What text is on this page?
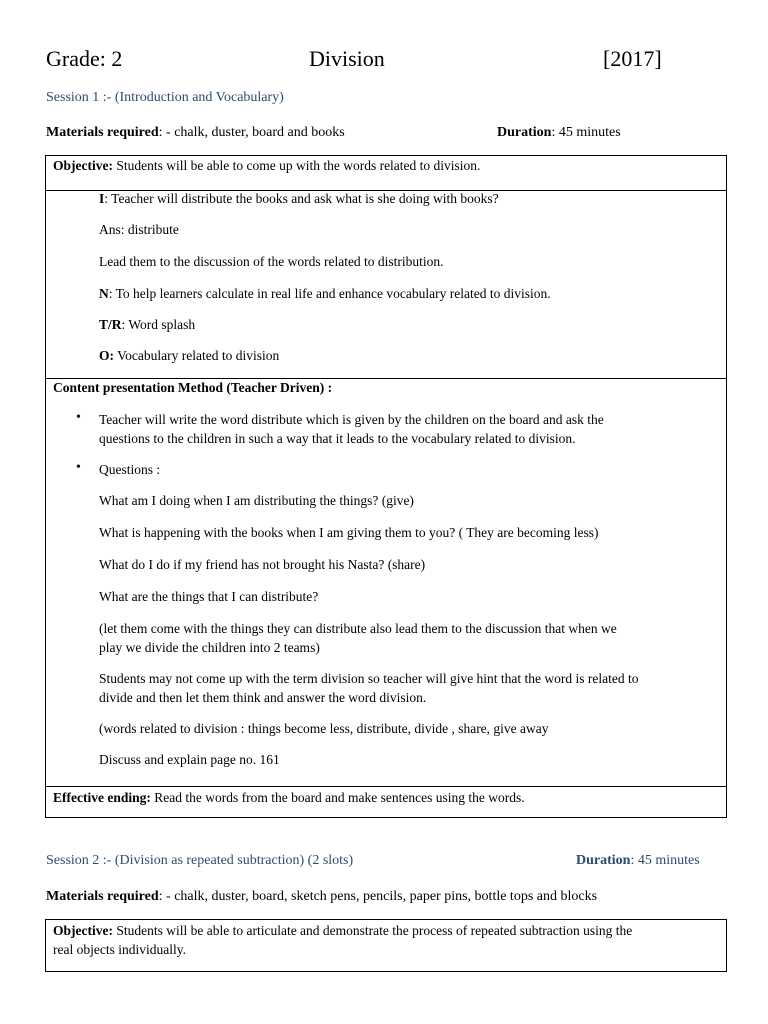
Grade: 2	Division	[2017]
Session 1 :- (Introduction and Vocabulary)
Materials required: - chalk, duster, board and books	Duration: 45 minutes
Objective: Students will be able to come up with the words related to division.
I: Teacher will distribute the books and ask what is she doing with books?
Ans: distribute
Lead them to the discussion of the words related to distribution.
N: To help learners calculate in real life and enhance vocabulary related to division.
T/R: Word splash
O: Vocabulary related to division
Content presentation Method (Teacher Driven) :
• Teacher will write the word distribute which is given by the children on the board and ask the
questions to the children in such a way that it leads to the vocabulary related to division.
• Questions :
What am I doing when I am distributing the things? (give)
What is happening with the books when I am giving them to you? ( They are becoming less)
What do I do if my friend has not brought his Nasta? (share)
What are the things that I can distribute?
(let them come with the things they can distribute also lead them to the discussion that when we
play we divide the children into 2 teams)
Students may not come up with the term division so teacher will give hint that the word is related to
divide and then let them think and answer the word division.
(words related to division : things become less, distribute, divide , share, give away
Discuss and explain page no. 161
Effective ending: Read the words from the board and make sentences using the words.
Session 2 :- (Division as repeated subtraction) (2 slots)	Duration: 45 minutes
Materials required: - chalk, duster, board, sketch pens, pencils, paper pins, bottle tops and blocks
Objective: Students will be able to articulate and demonstrate the process of repeated subtraction using the
real objects individually.
